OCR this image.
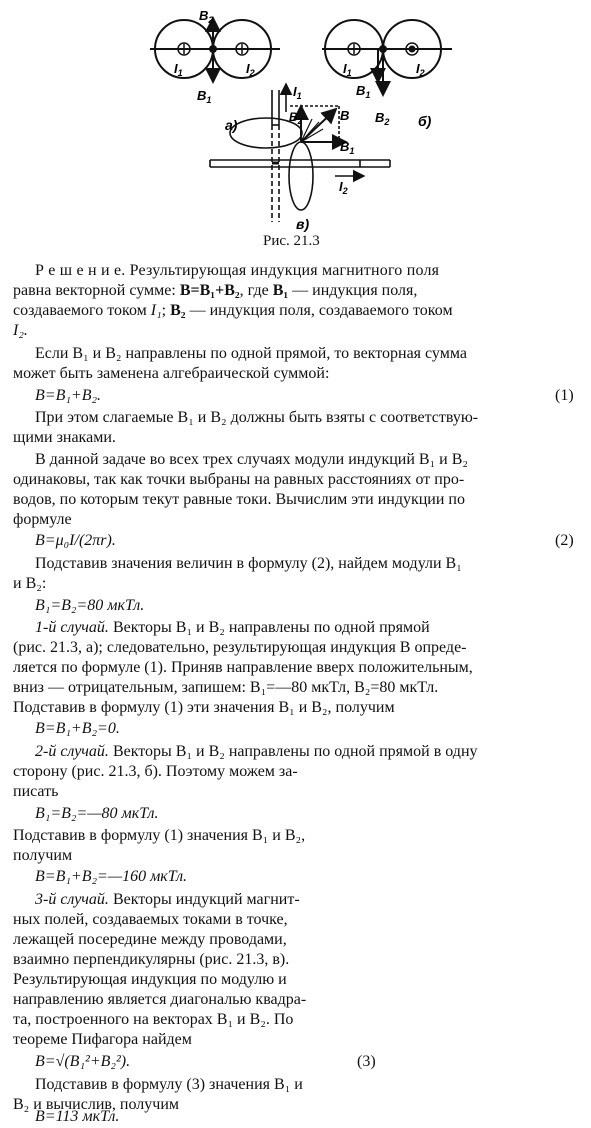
$B_2$
$B_1$
$I_1$	$I_2$
а)
$B_1$
$B_2$
$I_1$	$I_2$
б)
$I_1$
$B_2$	B
$B_1$
$I_2$
в)
Рис. 21.3
Р е ш е н и е. Результирующая индукция магнитного поля
равна векторной сумме: B=B₁+B₂, где B₁ — индукция поля,
создаваемого током I₁; B₂ — индукция поля, создаваемого током
I₂.
Если B₁ и B₂ направлены по одной прямой, то векторная сумма
может быть заменена алгебраической суммой:
B=B₁+B₂.	(1)
При этом слагаемые B₁ и B₂ должны быть взяты с соответствую-
щими знаками.
В данной задаче во всех трех случаях модули индукций B₁ и B₂
одинаковы, так как точки выбраны на равных расстояниях от про-
водов, по которым текут равные токи. Вычислим эти индукции по
формуле
B=μ₀I/(2πr).	(2)
Подставив значения величин в формулу (2), найдем модули B₁
и B₂:
B₁=B₂=80 мкТл.
1-й случай. Векторы B₁ и B₂ направлены по одной прямой
(рис. 21.3, а); следовательно, результирующая индукция B опреде-
ляется по формуле (1). Приняв направление вверх положительным,
вниз — отрицательным, запишем: B₁=—80 мкТл, B₂=80 мкТл.
Подставив в формулу (1) эти значения B₁ и B₂, получим
B=B₁+B₂=0.
2-й случай. Векторы B₁ и B₂ направлены по одной прямой в одну
сторону (рис. 21.3, б). Поэтому можем за-
писать
B₁=B₂=—80 мкТл.
Подставив в формулу (1) значения B₁ и B₂,
получим
B=B₁+B₂=—160 мкТл.
3-й случай. Векторы индукций магнит-
ных полей, создаваемых токами в точке,
лежащей посередине между проводами,
взаимно перпендикулярны (рис. 21.3, в).
Результирующая индукция по модулю и
направлению является диагональю квадра-
та, построенного на векторах B₁ и B₂. По
теореме Пифагора найдем
B=√(B₁²+B₂²).	(3)
Подставив в формулу (3) значения B₁ и
B₂ и вычислив, получим
B=113 мкТл.
